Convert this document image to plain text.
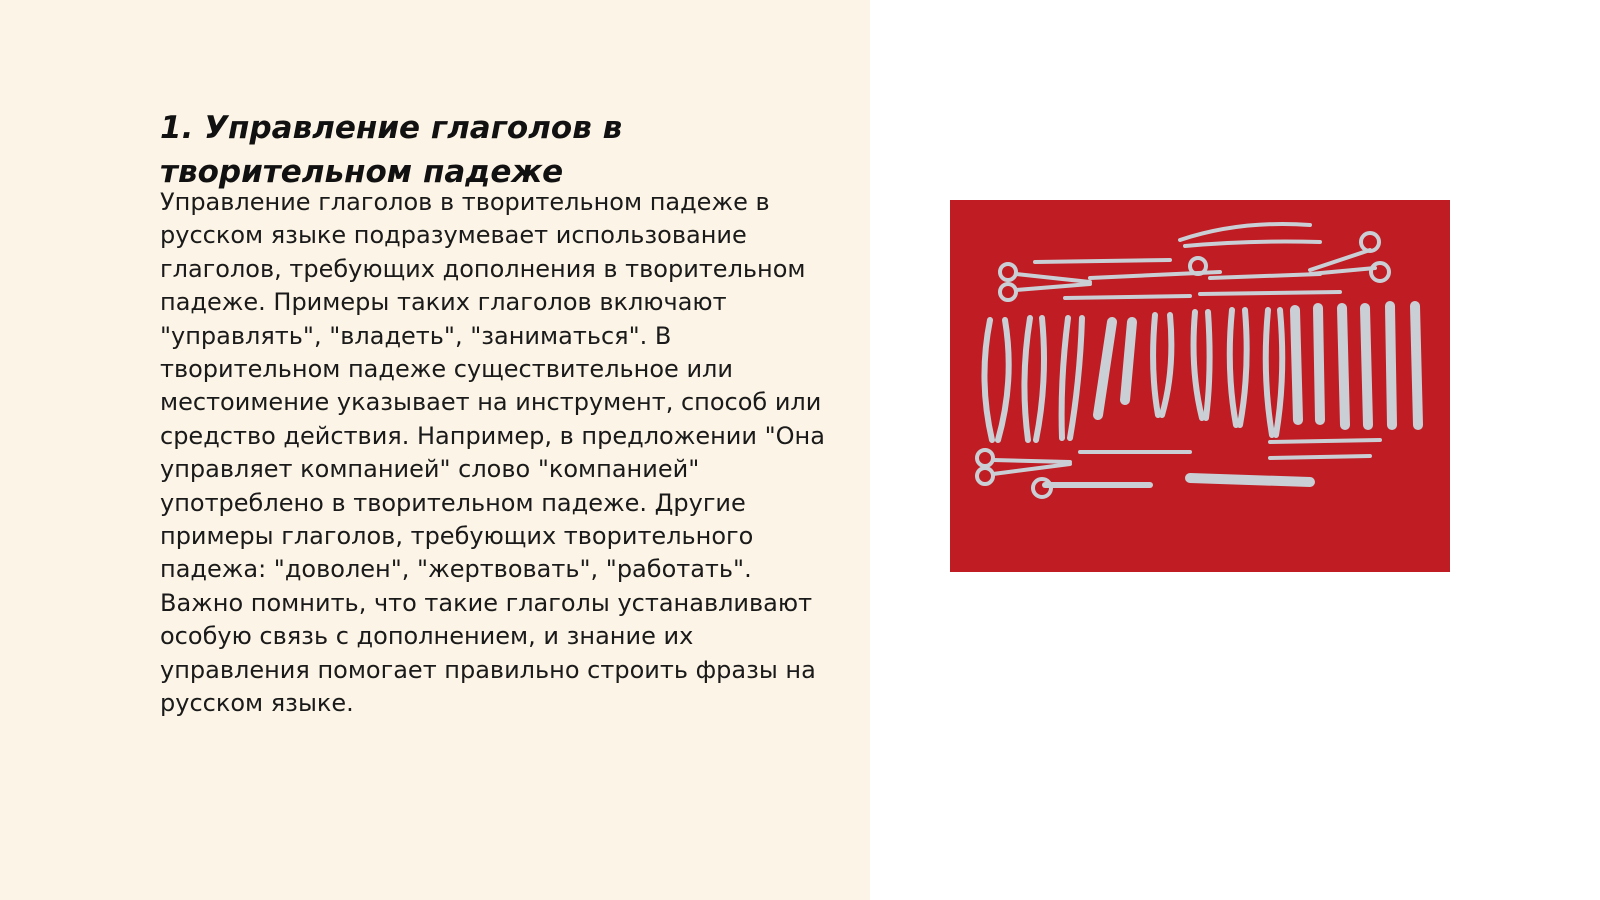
1. Управление глаголов в творительном падеже

Управление глаголов в творительном падеже в русском языке подразумевает использование глаголов, требующих дополнения в творительном падеже. Примеры таких глаголов включают "управлять", "владеть", "заниматься". В творительном падеже существительное или местоимение указывает на инструмент, способ или средство действия. Например, в предложении "Она управляет компанией" слово "компанией" употреблено в творительном падеже. Другие примеры глаголов, требующих творительного падежа: "доволен", "жертвовать", "работать". Важно помнить, что такие глаголы устанавливают особую связь с дополнением, и знание их управления помогает правильно строить фразы на русском языке.
